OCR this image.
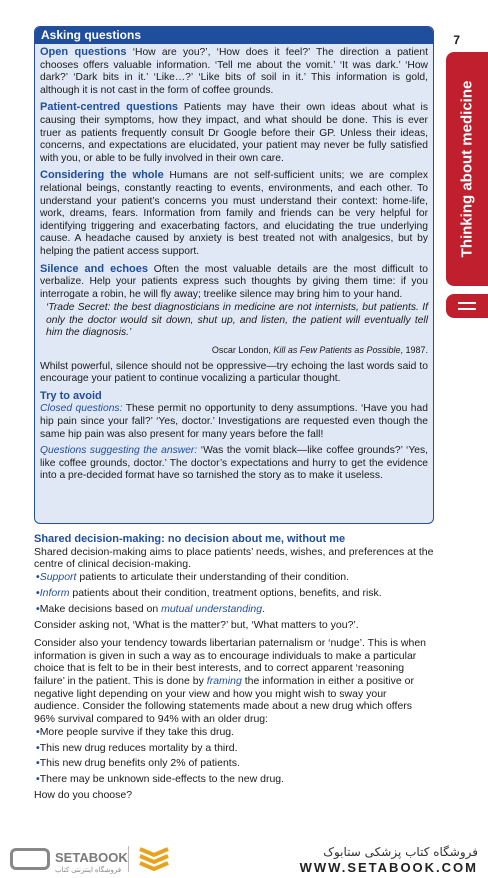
7
Thinking about medicine
Asking questions

Open questions ‘How are you?’, ‘How does it feel?’ The direction a patient chooses offers valuable information. ‘Tell me about the vomit.’ ‘It was dark.’ ‘How dark?’ ‘Dark bits in it.’ ‘Like…?’ ‘Like bits of soil in it.’ This information is gold, although it is not cast in the form of coffee grounds.

Patient-centred questions Patients may have their own ideas about what is causing their symptoms, how they impact, and what should be done. This is ever truer as patients frequently consult Dr Google before their GP. Unless their ideas, concerns, and expectations are elucidated, your patient may never be fully satisfied with you, or able to be fully involved in their own care.

Considering the whole Humans are not self-sufficient units; we are complex relational beings, constantly reacting to events, environments, and each other. To understand your patient’s concerns you must understand their context: home-life, work, dreams, fears. Information from family and friends can be very helpful for identifying triggering and exacerbating factors, and elucidating the true underlying cause. A headache caused by anxiety is best treated not with analgesics, but by helping the patient access support.

Silence and echoes Often the most valuable details are the most difficult to verbalize. Help your patients express such thoughts by giving them time: if you interrogate a robin, he will fly away; treelike silence may bring him to your hand.

‘Trade Secret: the best diagnosticians in medicine are not internists, but patients. If only the doctor would sit down, shut up, and listen, the patient will eventually tell him the diagnosis.’

Oscar London, Kill as Few Patients as Possible, 1987.

Whilst powerful, silence should not be oppressive—try echoing the last words said to encourage your patient to continue vocalizing a particular thought.

Try to avoid

Closed questions: These permit no opportunity to deny assumptions. ‘Have you had hip pain since your fall?’ ‘Yes, doctor.’ Investigations are requested even though the same hip pain was also present for many years before the fall!

Questions suggesting the answer: ‘Was the vomit black—like coffee grounds?’ ‘Yes, like coffee grounds, doctor.’ The doctor’s expectations and hurry to get the evidence into a pre-decided format have so tarnished the story as to make it useless.

Shared decision-making: no decision about me, without me

Shared decision-making aims to place patients’ needs, wishes, and preferences at the centre of clinical decision-making.

•Support patients to articulate their understanding of their condition.

•Inform patients about their condition, treatment options, benefits, and risk.

•Make decisions based on mutual understanding.

Consider asking not, ‘What is the matter?’ but, ‘What matters to you?’.

Consider also your tendency towards libertarian paternalism or ‘nudge’. This is when information is given in such a way as to encourage individuals to make a particular choice that is felt to be in their best interests, and to correct apparent ‘reasoning failure’ in the patient. This is done by framing the information in either a positive or negative light depending on your view and how you might wish to sway your audience. Consider the following statements made about a new drug which offers 96% survival compared to 94% with an older drug:

•More people survive if they take this drug.

•This new drug reduces mortality by a third.

•This new drug benefits only 2% of patients.

•There may be unknown side-effects to the new drug.

How do you choose?

SETABOOK
فروشگاه اینترنتی کتاب
فروشگاه کتاب پزشکی ستابوک
WWW.SETABOOK.COM
